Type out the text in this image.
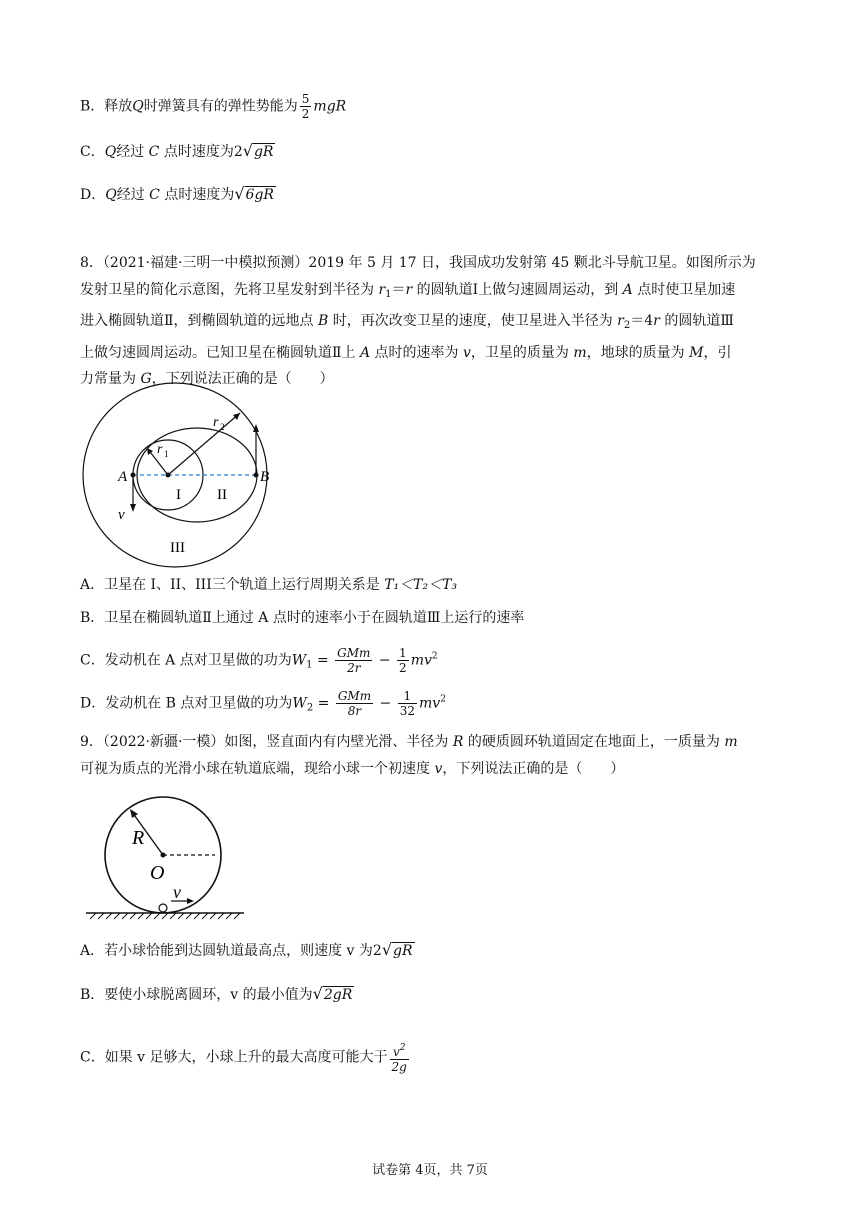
B．释放Q时弹簧具有的弹性势能为 $\frac{5}{2}$ mgR
C．Q经过 C 点时速度为2√gR
D．Q经过 C 点时速度为√6gR
8．（2021·福建·三明一中模拟预测）2019 年 5 月 17 日，我国成功发射第 45 颗北斗导航卫星。如图所示为
发射卫星的简化示意图，先将卫星发射到半径为 $r_1=r$ 的圆轨道Ⅰ上做匀速圆周运动，到 A 点时使卫星加速
进入椭圆轨道Ⅱ，到椭圆轨道的远地点 B 时，再次改变卫星的速度，使卫星进入半径为 $r_2=4r$ 的圆轨道Ⅲ
上做匀速圆周运动。已知卫星在椭圆轨道Ⅱ上 A 点时的速率为 v，卫星的质量为 m，地球的质量为 M，引
力常量为 G，下列说法正确的是（　　）
A	B
r 1
r 2
I II
III
v
A．卫星在 I、II、III三个轨道上运行周期关系是 T₁＜T₂＜T₃
B．卫星在椭圆轨道Ⅱ上通过 A 点时的速率小于在圆轨道Ⅲ上运行的速率
C．发动机在 A 点对卫星做的功为$W_1 = \frac{\text{GMm}}{2r} - \frac{1}{2} mv^2$
D．发动机在 B 点对卫星做的功为$W_2 = \frac{\text{GMm}}{8r} - \frac{1}{32} mv^2$
9．（2022·新疆·一模）如图，竖直面内有内壁光滑、半径为 R 的硬质圆环轨道固定在地面上，一质量为 m
可视为质点的光滑小球在轨道底端，现给小球一个初速度 v，下列说法正确的是（　　）
R
O
v
A．若小球恰能到达圆轨道最高点，则速度 v 为2√gR
B．要使小球脱离圆环，v 的最小值为√2gR
C．如果 v 足够大，小球上升的最大高度可能大于 $\frac{v^2}{2g}$
试卷第 4页，共 7页
